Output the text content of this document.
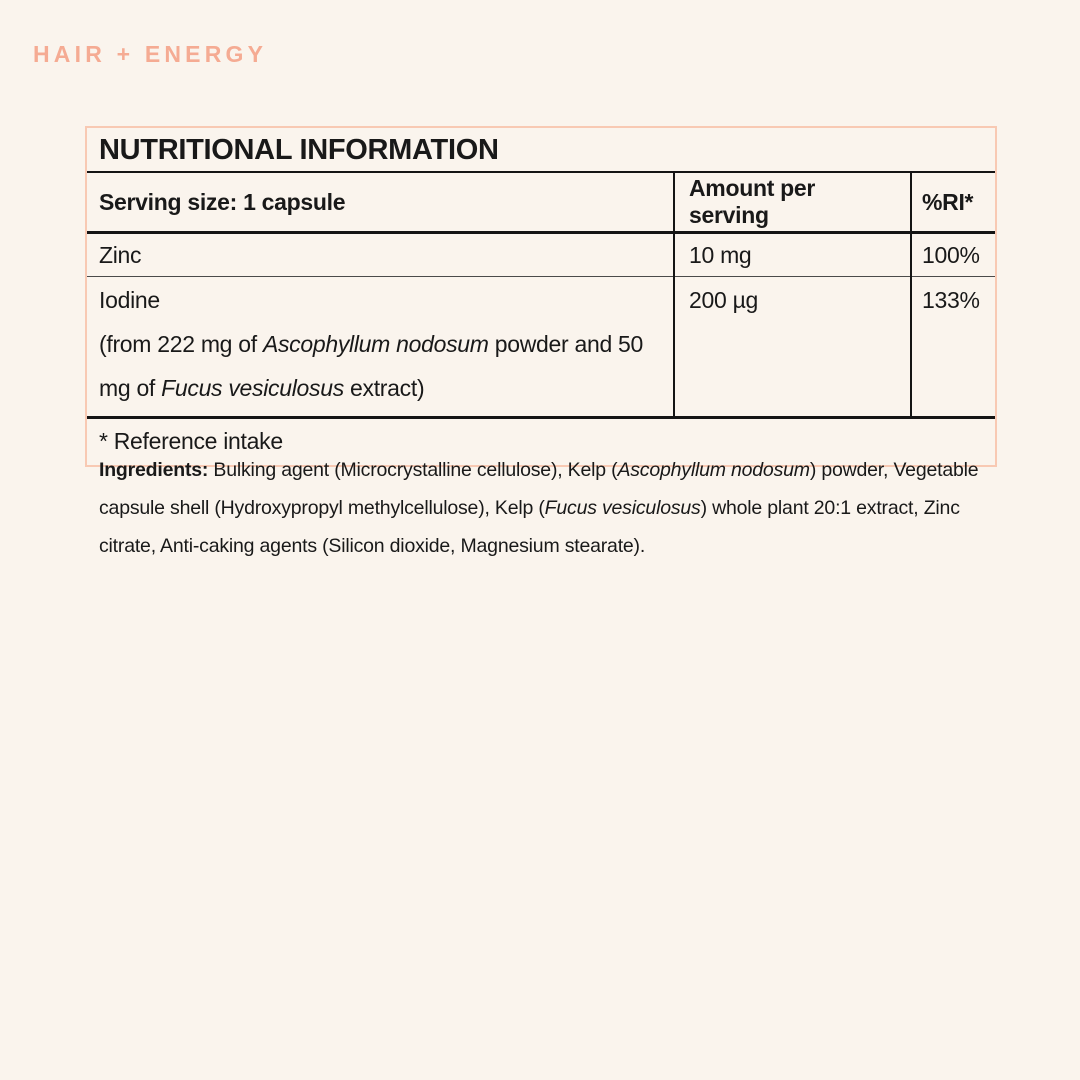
HAIR + ENERGY
NUTRITIONAL INFORMATION		
Serving size: 1 capsule	Amount per serving	%RI*
Zinc	10 mg	100%

Iodine
(from 222 mg of Ascophyllum nodosum powder and 50 mg of Fucus vesiculosus extract)	200 µg	133%
* Reference intake		

Ingredients: Bulking agent (Microcrystalline cellulose), Kelp (Ascophyllum nodosum) powder, Vegetable capsule shell (Hydroxypropyl methylcellulose), Kelp (Fucus vesiculosus) whole plant 20:1 extract, Zinc citrate, Anti-caking agents (Silicon dioxide, Magnesium stearate).
